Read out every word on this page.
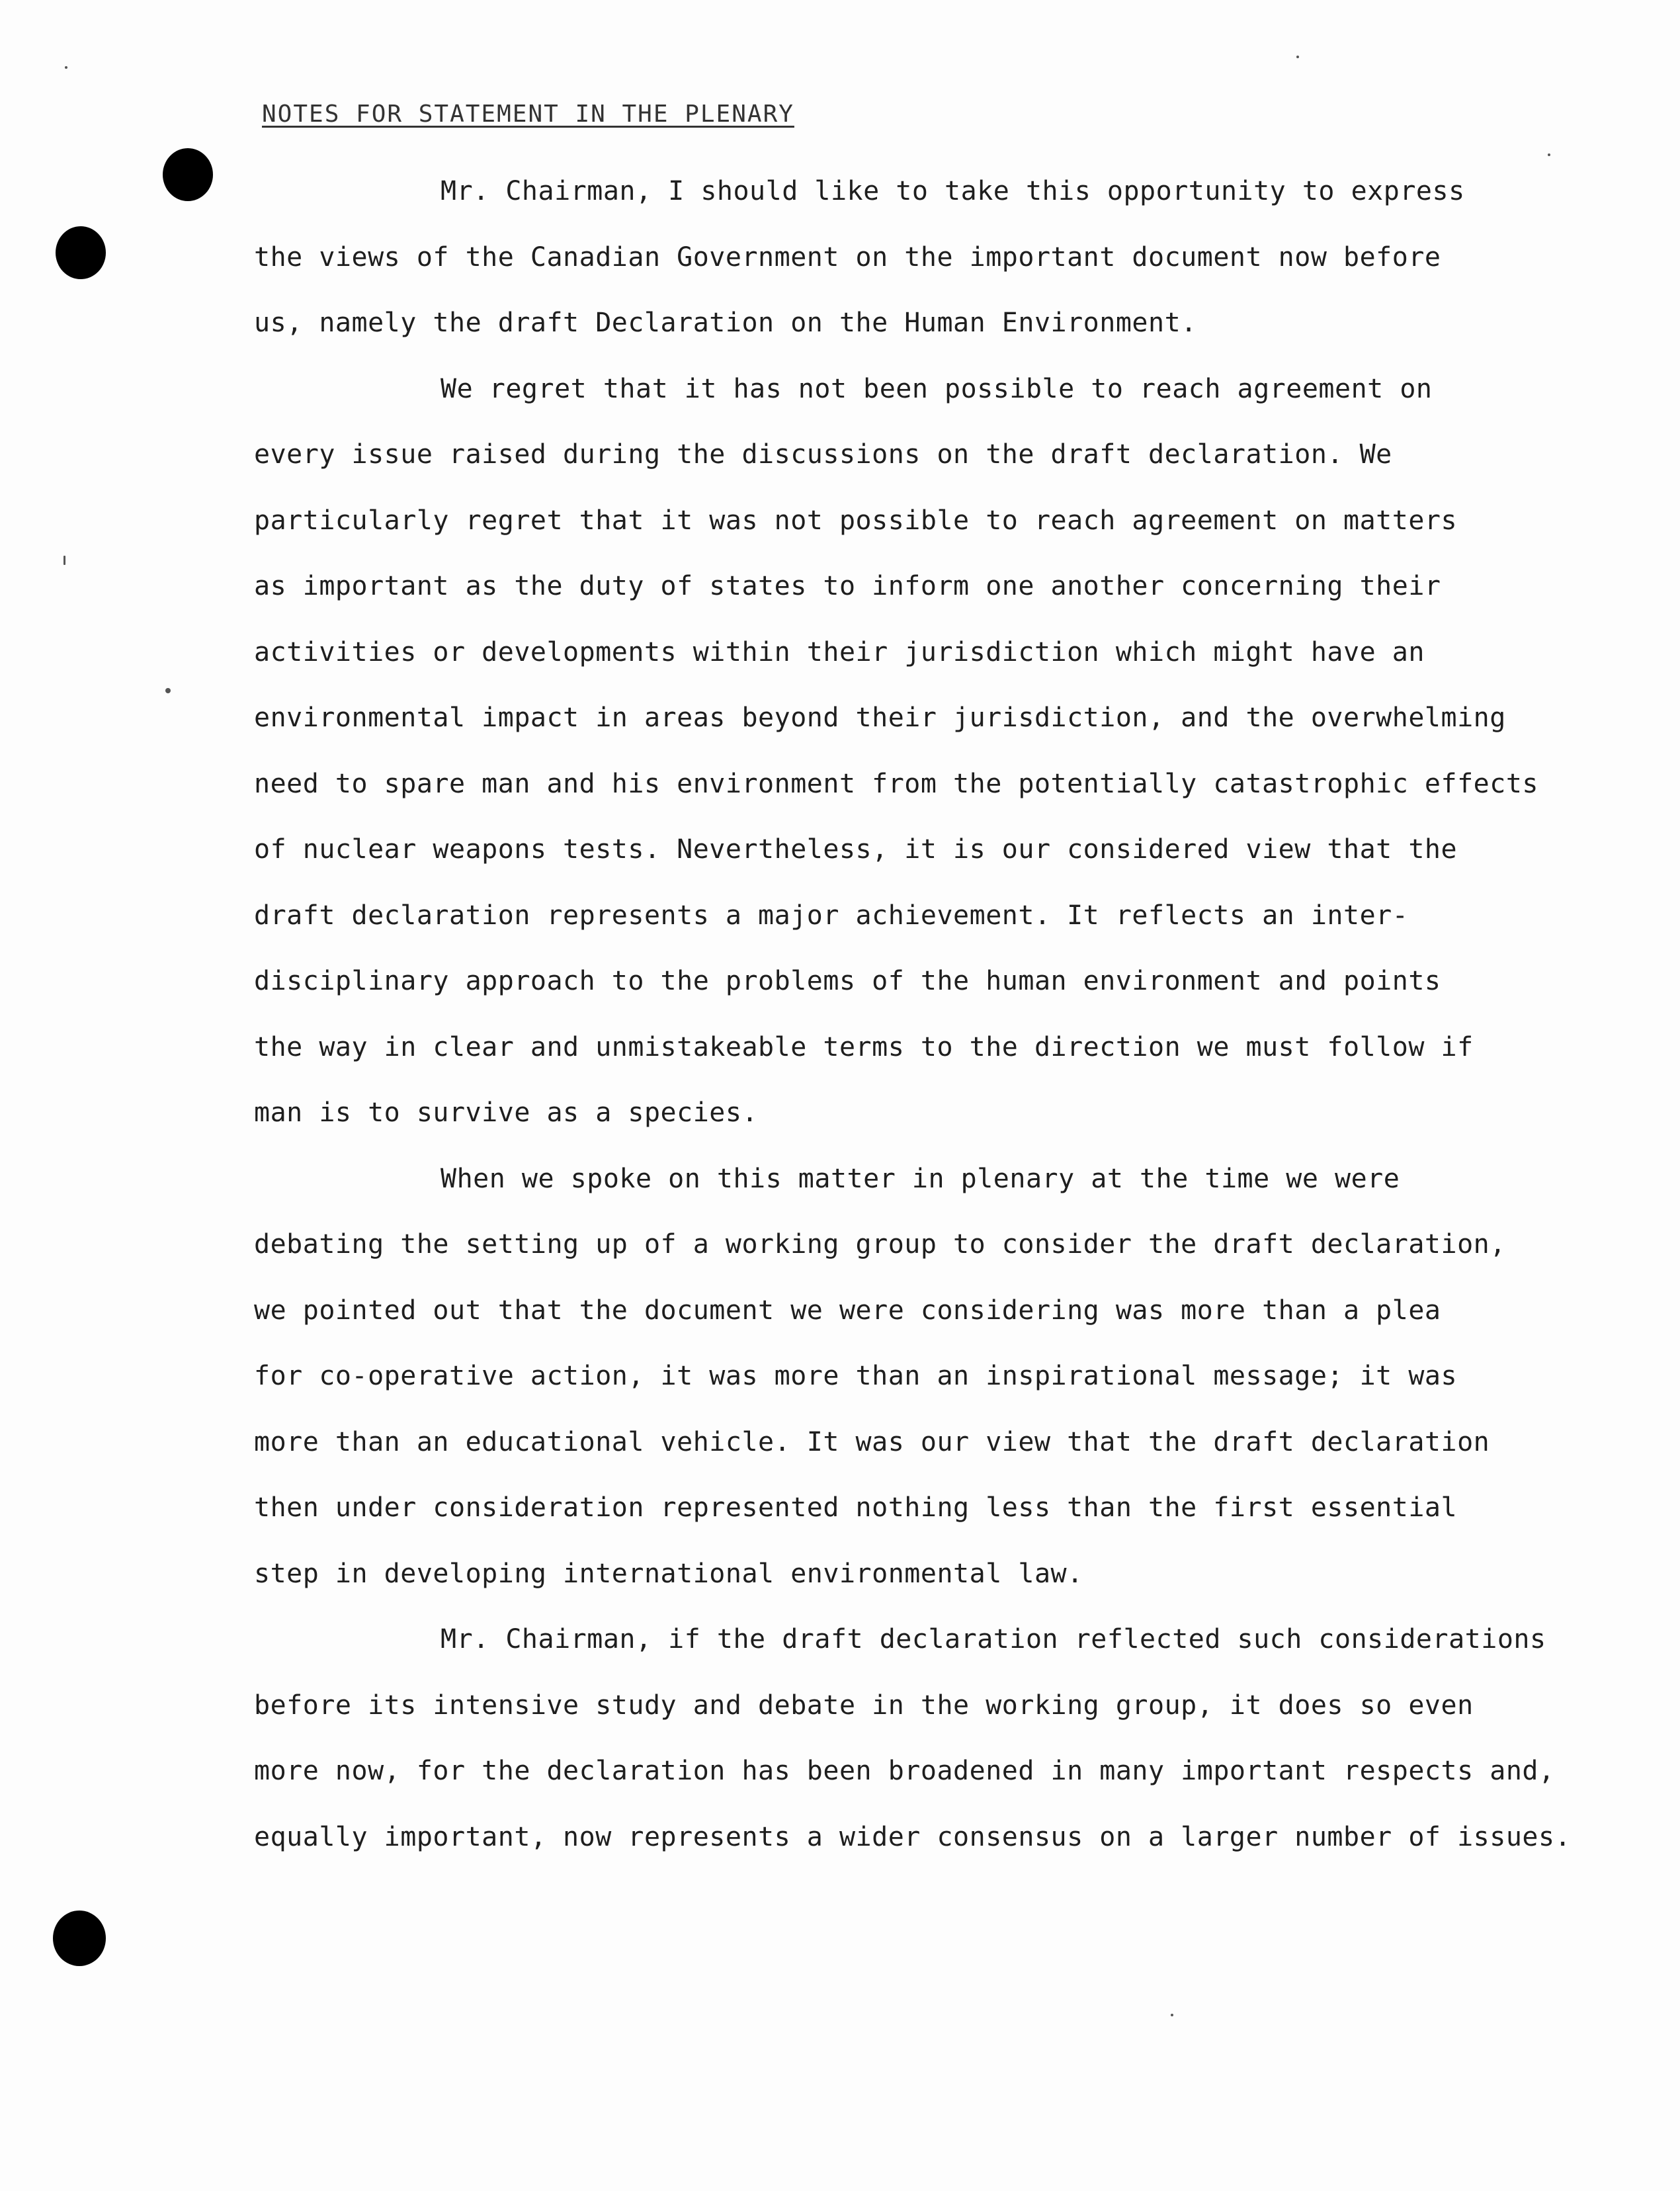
NOTES FOR STATEMENT IN THE PLENARY
Mr. Chairman, I should like to take this opportunity to express
the views of the Canadian Government on the important document now before
us, namely the draft Declaration on the Human Environment.
We regret that it has not been possible to reach agreement on
every issue raised during the discussions on the draft declaration. We
particularly regret that it was not possible to reach agreement on matters
as important as the duty of states to inform one another concerning their
activities or developments within their jurisdiction which might have an
environmental impact in areas beyond their jurisdiction, and the overwhelming
need to spare man and his environment from the potentially catastrophic effects
of nuclear weapons tests. Nevertheless, it is our considered view that the
draft declaration represents a major achievement. It reflects an inter-
disciplinary approach to the problems of the human environment and points
the way in clear and unmistakeable terms to the direction we must follow if
man is to survive as a species.
When we spoke on this matter in plenary at the time we were
debating the setting up of a working group to consider the draft declaration,
we pointed out that the document we were considering was more than a plea
for co-operative action, it was more than an inspirational message; it was
more than an educational vehicle. It was our view that the draft declaration
then under consideration represented nothing less than the first essential
step in developing international environmental law.
Mr. Chairman, if the draft declaration reflected such considerations
before its intensive study and debate in the working group, it does so even
more now, for the declaration has been broadened in many important respects and,
equally important, now represents a wider consensus on a larger number of issues.
